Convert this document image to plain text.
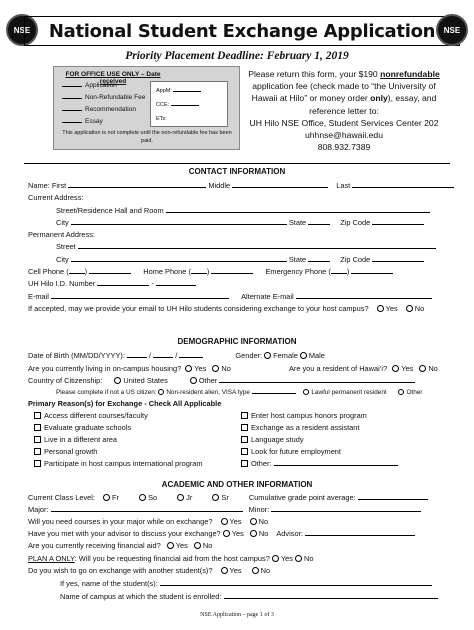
NSE National Student Exchange Application NSE
Priority Placement Deadline: February 1, 2019
FOR OFFICE USE ONLY – Date received
Application
Non-Refundable Fee
Recommendation
Essay
AppM:
CCE:
ETs:
This application is not complete until the non-refundable fee has been paid.
Please return this form, your $190 nonrefundable application fee (check made to “the University of Hawaii at Hilo” or money order only), essay, and reference letter to:
UH Hilo NSE Office, Student Services Center 202
uhhnse@hawaii.edu
808.932.7389
CONTACT INFORMATION
Name: First	Middle	Last
Current Address:
Street/Residence Hall and Room
City	State	Zip Code
Permanent Address:
Street
City	State	Zip Code
Cell Phone ( )	Home Phone ( )	Emergency Phone ( )
UH Hilo I.D. Number	-
E-mail	Alternate E-mail
If accepted, may we provide your email to UH Hilo students considering exchange to your host campus? Yes No
DEMOGRAPHIC INFORMATION
Date of Birth (MM/DD/YYYY):	/	/	Gender: Female Male
Are you currently living in on-campus housing? Yes No	Are you a resident of Hawai’i? Yes No
Country of Citizenship:	United States	Other
Please complete if not a US citizen: Non-resident alien, VISA type	Lawful permanent resident	Other
Primary Reason(s) for Exchange - Check All Applicable
Access different courses/faculty
Evaluate graduate schools
Live in a different area
Personal growth
Participate in host campus international program
Enter host campus honors program
Exchange as a resident assistant
Language study
Look for future employment
Other:
ACADEMIC AND OTHER INFORMATION
Current Class Level: Fr	So	Jr	Sr	Cumulative grade point average:
Major:	Minor:
Will you need courses in your major while on exchange? Yes No
Have you met with your advisor to discuss your exchange? Yes No Advisor:
Are you currently receiving financial aid? Yes No
PLAN A ONLY: Will you be requesting financial aid from the host campus? Yes No
Do you wish to go on exchange with another student(s)? Yes	No
If yes, name of the student(s):
Name of campus at which the student is enrolled:
NSE Application – page 1 of 3
